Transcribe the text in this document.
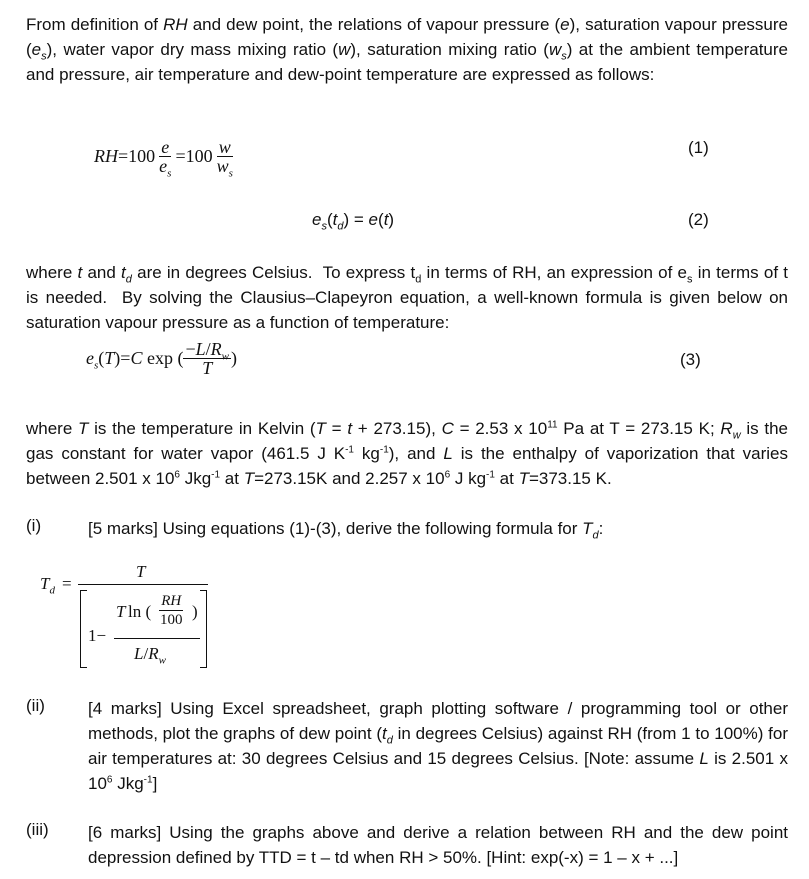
From definition of RH and dew point, the relations of vapour pressure (e), saturation vapour pressure $(e_s)$, water vapor dry mass mixing ratio (w), saturation mixing ratio $(w_s)$ at the ambient temperature and pressure, air temperature and dew-point temperature are expressed as follows:
RH $=100 \frac{e}{e_s} =100 \frac{w}{w_s}$	(1)
$e_s(t_d) = e(t)$	(2)
where t and $t_d$ are in degrees Celsius.  To express $t_d$ in terms of RH, an expression of $e_s$ in terms of t is needed.  By solving the Clausius–Clapeyron equation, a well-known formula is given below on saturation vapour pressure as a function of temperature:
$e_s$ ( T )= C exp ( $\frac{-L/R_w}{T}$ )	(3)
where T is the temperature in Kelvin (T = t + 273.15), C = 2.53 x $10^{11}$ Pa at T = 273.15 K; $R_w$ is the gas constant for water vapor (461.5 J $K^{-1}$ $kg^{-1}$), and L is the enthalpy of vaporization that varies between 2.501 x $10^6$ Jkg$^{-1}$ at T=273.15K and 2.257 x $10^6$ J $kg^{-1}$ at T=373.15 K.
(i)	[5 marks] Using equations (1)-(3), derive the following formula for $T_d$:
$T_d$ =
T
1−
T ln ( $\frac{RH}{100}$ )
$L/R_w$
(ii)	[4 marks] Using Excel spreadsheet, graph plotting software / programming tool or other methods, plot the graphs of dew point ($t_d$ in degrees Celsius) against RH (from 1 to 100%) for air temperatures at: 30 degrees Celsius and 15 degrees Celsius. [Note: assume L is 2.501 x $10^6$ Jkg$^{-1}$]
(iii) [6 marks] Using the graphs above and derive a relation between RH and the dew point depression defined by TTD = t – td when RH > 50%. [Hint: exp(-x) = 1 – x + ...]
